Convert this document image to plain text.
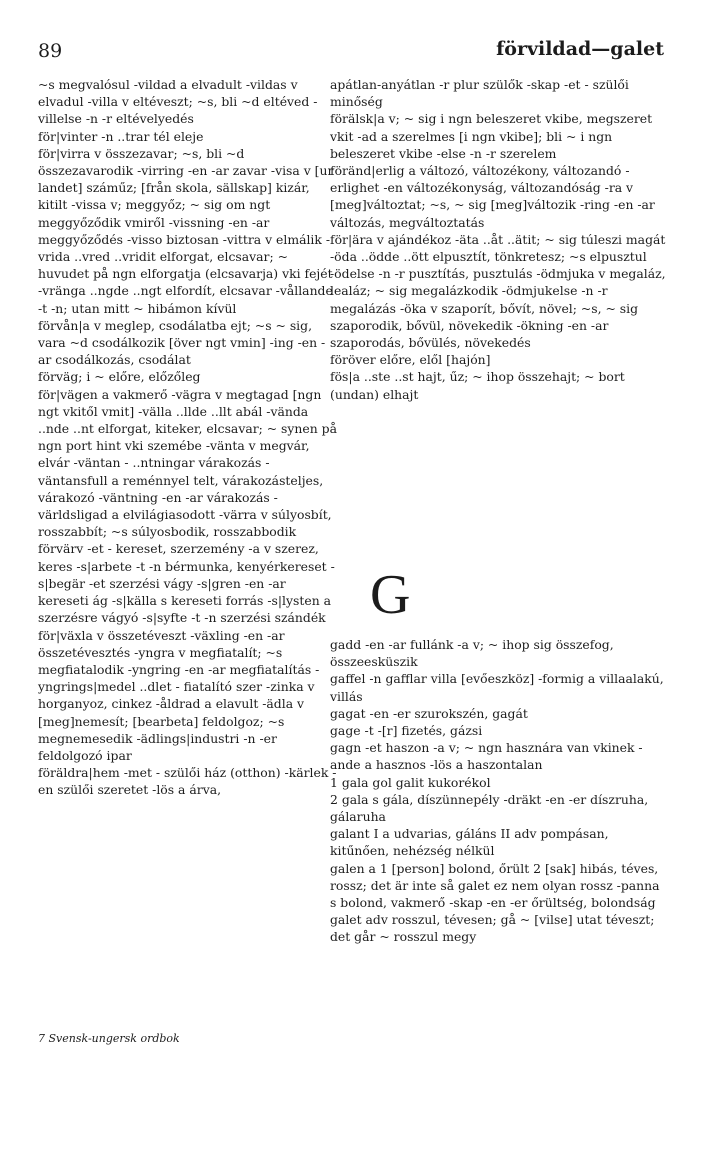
89	förvildad—galet

~s megvalósul -vildad a elvadult -vildas v elvadul -villa v eltéveszt; ~s, bli ~d eltéved -villelse -n -r eltévelyedés

för|vinter -n ..trar tél eleje

för|virra v összezavar; ~s, bli ~d összezavarodik -virring -en -ar zavar -visa v [ur landet] száműz; [från skola, sällskap] kizár, kitilt -vissa v; meggyőz; ~ sig om ngt meggyőződik vmiről -vissning -en -ar meggyőződés -visso biztosan -vittra v elmálik -vrida ..vred ..vridit elforgat, elcsavar; ~ huvudet på ngn elforgatja (elcsavarja) vki fejét -vränga ..ngde ..ngt elfordít, elcsavar -vållande -t -n; utan mitt ~ hibámon kívül

förvån|a v meglep, csodálatba ejt; ~s ~ sig, vara ~d csodálkozik [över ngt vmin] -ing -en -ar csodálkozás, csodálat

förväg; i ~ előre, előzőleg

för|vägen a vakmerő -vägra v megtagad [ngn ngt vkitől vmit] -välla ..llde ..llt abál -vända ..nde ..nt elforgat, kiteker, elcsavar; ~ synen på ngn port hint vki szemébe -vänta v megvár, elvár -väntan - ..ntningar várakozás -väntansfull a reménnyel telt, várakozásteljes, várakozó -väntning -en -ar várakozás -världsligad a elvilágiasodott -värra v súlyosbít, rosszabbít; ~s súlyosbodik, rosszabbodik

förvärv -et - kereset, szerzemény -a v szerez, keres -s|arbete -t -n bérmunka, kenyérkereset -s|begär -et szerzési vágy -s|gren -en -ar kereseti ág -s|källa s kereseti forrás -s|lysten a szerzésre vágyó -s|syfte -t -n szerzési szándék

för|växla v összetéveszt -växling -en -ar összetévesztés -yngra v megfiatalít; ~s megfiatalodik -yngring -en -ar megfiatalítás -yngrings|medel ..dlet - fiatalító szer -zinka v horganyoz, cinkez -åldrad a elavult -ädla v [meg]nemesít; [bearbeta] feldolgoz; ~s megnemesedik -ädlings|industri -n -er feldolgozó ipar

föräldra|hem -met - szülői ház (otthon) -kärlek -en szülői szeretet -lös a árva,

apátlan-anyátlan -r plur szülők -skap -et - szülői minőség

förälsk|a v; ~ sig i ngn beleszeret vkibe, megszeret vkit -ad a szerelmes [i ngn vkibe]; bli ~ i ngn beleszeret vkibe -else -n -r szerelem

föränd|erlig a változó, változékony, változandó -erlighet -en változékonyság, változandóság -ra v [meg]változtat; ~s, ~ sig [meg]változik -ring -en -ar változás, megváltoztatás

för|ära v ajándékoz -äta ..åt ..ätit; ~ sig túleszi magát -öda ..ödde ..ött elpusztít, tönkretesz; ~s elpusztul -ödelse -n -r pusztítás, pusztulás -ödmjuka v megaláz, lealáz; ~ sig megalázkodik -ödmjukelse -n -r megalázás -öka v szaporít, bővít, növel; ~s, ~ sig szaporodik, bővül, növekedik -ökning -en -ar szaporodás, bővülés, növekedés

föröver előre, elől [hajón]

fös|a ..ste ..st hajt, űz; ~ ihop összehajt; ~ bort (undan) elhajt

G

gadd -en -ar fullánk -a v; ~ ihop sig összefog, összeesküszik

gaffel -n gafflar villa [evőeszköz] -formig a villaalakú, villás

gagat -en -er szurokszén, gagát

gage -t -[r] fizetés, gázsi

gagn -et haszon -a v; ~ ngn hasznára van vkinek -ande a hasznos -lös a haszontalan

1 gala gol galit kukorékol

2 gala s gála, díszünnepély -dräkt -en -er díszruha, gálaruha

galant I a udvarias, gáláns II adv pompásan, kitűnően, nehézség nélkül

galen a 1 [person] bolond, őrült 2 [sak] hibás, téves, rossz; det är inte så galet ez nem olyan rossz -panna s bolond, vakmerő -skap -en -er őrültség, bolondság

galet adv rosszul, tévesen; gå ~ [vilse] utat téveszt; det går ~ rosszul megy

7 Svensk-ungersk ordbok
